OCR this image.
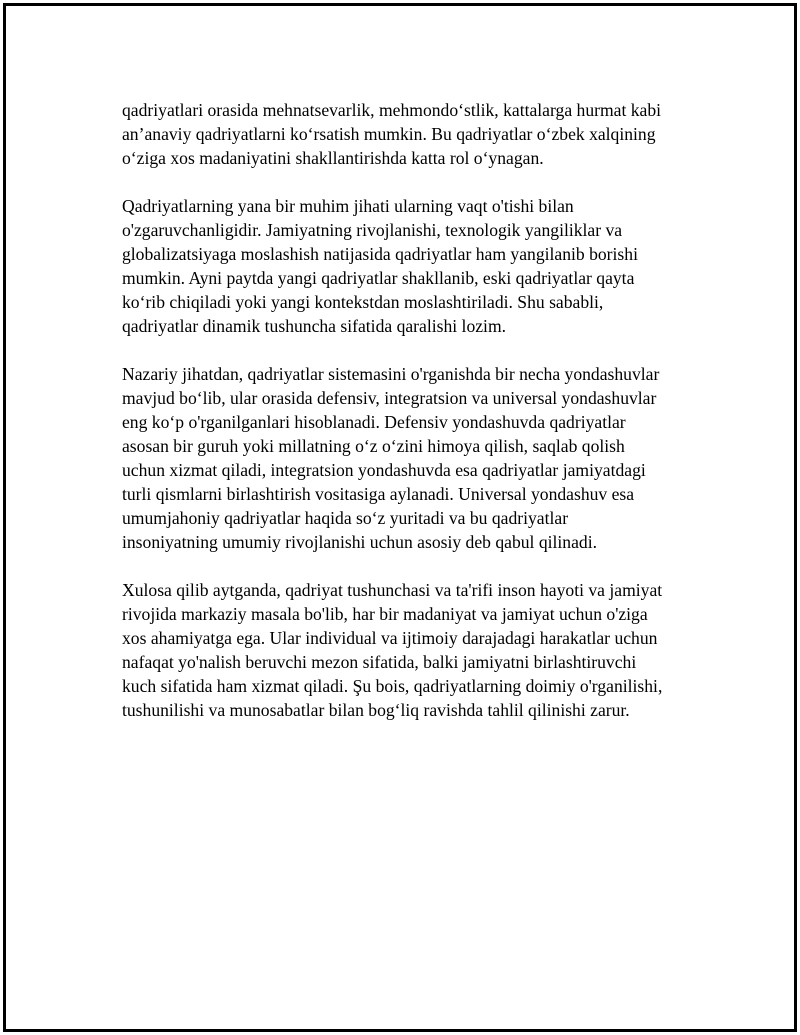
qadriyatlari orasida mehnatsevarlik, mehmondo‘stlik, kattalarga hurmat kabi
an’anaviy qadriyatlarni ko‘rsatish mumkin. Bu qadriyatlar o‘zbek xalqining
o‘ziga xos madaniyatini shakllantirishda katta rol o‘ynagan.

Qadriyatlarning yana bir muhim jihati ularning vaqt o'tishi bilan
o'zgaruvchanligidir. Jamiyatning rivojlanishi, texnologik yangiliklar va
globalizatsiyaga moslashish natijasida qadriyatlar ham yangilanib borishi
mumkin. Ayni paytda yangi qadriyatlar shakllanib, eski qadriyatlar qayta
ko‘rib chiqiladi yoki yangi kontekstdan moslashtiriladi. Shu sababli,
qadriyatlar dinamik tushuncha sifatida qaralishi lozim.

Nazariy jihatdan, qadriyatlar sistemasini o'rganishda bir necha yondashuvlar
mavjud bo‘lib, ular orasida defensiv, integratsion va universal yondashuvlar
eng ko‘p o'rganilganlari hisoblanadi. Defensiv yondashuvda qadriyatlar
asosan bir guruh yoki millatning o‘z o‘zini himoya qilish, saqlab qolish
uchun xizmat qiladi, integratsion yondashuvda esa qadriyatlar jamiyatdagi
turli qismlarni birlashtirish vositasiga aylanadi. Universal yondashuv esa
umumjahoniy qadriyatlar haqida so‘z yuritadi va bu qadriyatlar
insoniyatning umumiy rivojlanishi uchun asosiy deb qabul qilinadi.

Xulosa qilib aytganda, qadriyat tushunchasi va ta'rifi inson hayoti va jamiyat
rivojida markaziy masala bo'lib, har bir madaniyat va jamiyat uchun o'ziga
xos ahamiyatga ega. Ular individual va ijtimoiy darajadagi harakatlar uchun
nafaqat yo'nalish beruvchi mezon sifatida, balki jamiyatni birlashtiruvchi
kuch sifatida ham xizmat qiladi. Şu bois, qadriyatlarning doimiy o'rganilishi,
tushunilishi va munosabatlar bilan bog‘liq ravishda tahlil qilinishi zarur.
